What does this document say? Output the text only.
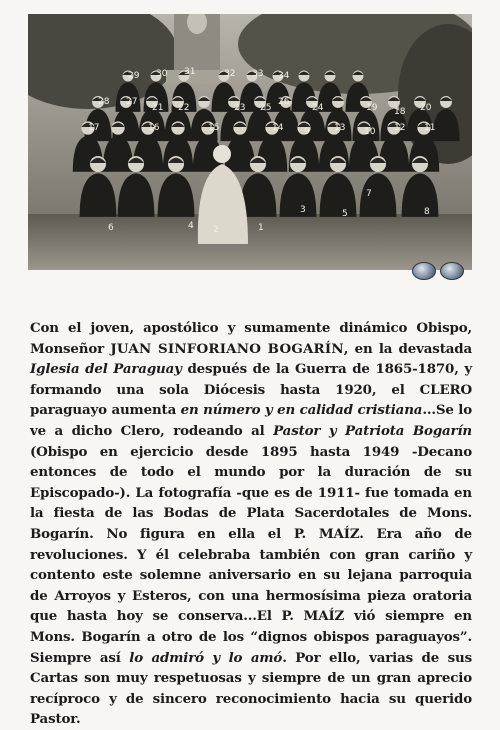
29 30 31	32 33 34
26
25
23	24
22
21	20
19 18
27
28
17	16	15	14	13	12 11
9	10
7
6	4 2	1
3	5	8
Con el joven, apostólico y sumamente dinámico Obispo, Monseñor JUAN SINFORIANO BOGARÍN, en la devastada Iglesia del Paraguay después de la Guerra de 1865-1870, y formando una sola Diócesis hasta 1920, el CLERO paraguayo aumenta en número y en calidad cristiana...Se lo ve a dicho Clero, rodeando al Pastor y Patriota Bogarín (Obispo en ejercicio desde 1895 hasta 1949 -Decano entonces de todo el mundo por la duración de su Episcopado-). La fotografía -que es de 1911- fue tomada en la fiesta de las Bodas de Plata Sacerdotales de Mons. Bogarín. No figura en ella el P. MAÍZ. Era año de revoluciones. Y él celebraba también con gran cariño y contento este solemne aniversario en su lejana parroquia de Arroyos y Esteros, con una hermosísima pieza oratoria que hasta hoy se conserva...El P. MAÍZ vió siempre en Mons. Bogarín a otro de los “dignos obispos paraguayos”. Siempre así lo admiró y lo amó. Por ello, varias de sus Cartas son muy respetuosas y siempre de un gran aprecio recíproco y de sincero reconocimiento hacia su querido Pastor.
